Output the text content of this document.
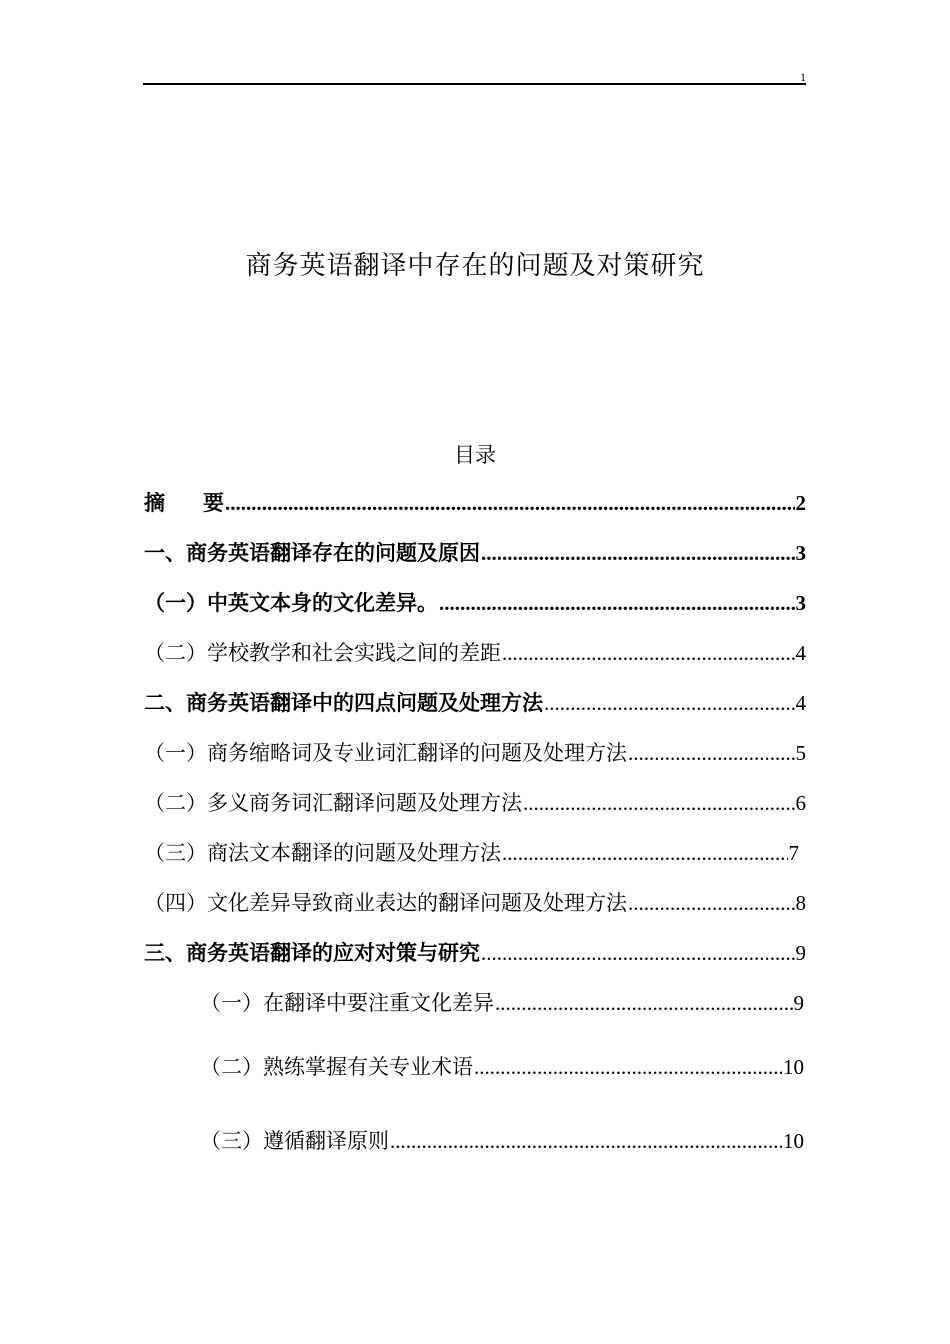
1
商务英语翻译中存在的问题及对策研究
目录
摘 要 .....	2
一、商务英语翻译存在的问题及原因 .....	3
（一）中英文本身的文化差异。 .....	3
（二）学校教学和社会实践之间的差距 .....	4
二、商务英语翻译中的四点问题及处理方法 .....	4
（一）商务缩略词及专业词汇翻译的问题及处理方法 .....	5
（二）多义商务词汇翻译问题及处理方法 .....	6
（三）商法文本翻译的问题及处理方法 .....	7
（四）文化差异导致商业表达的翻译问题及处理方法 .....	8
三、商务英语翻译的应对对策与研究 .....	9
（一）在翻译中要注重文化差异 .....	9
（二）熟练掌握有关专业术语 .....	10
（三）遵循翻译原则 .....	10
